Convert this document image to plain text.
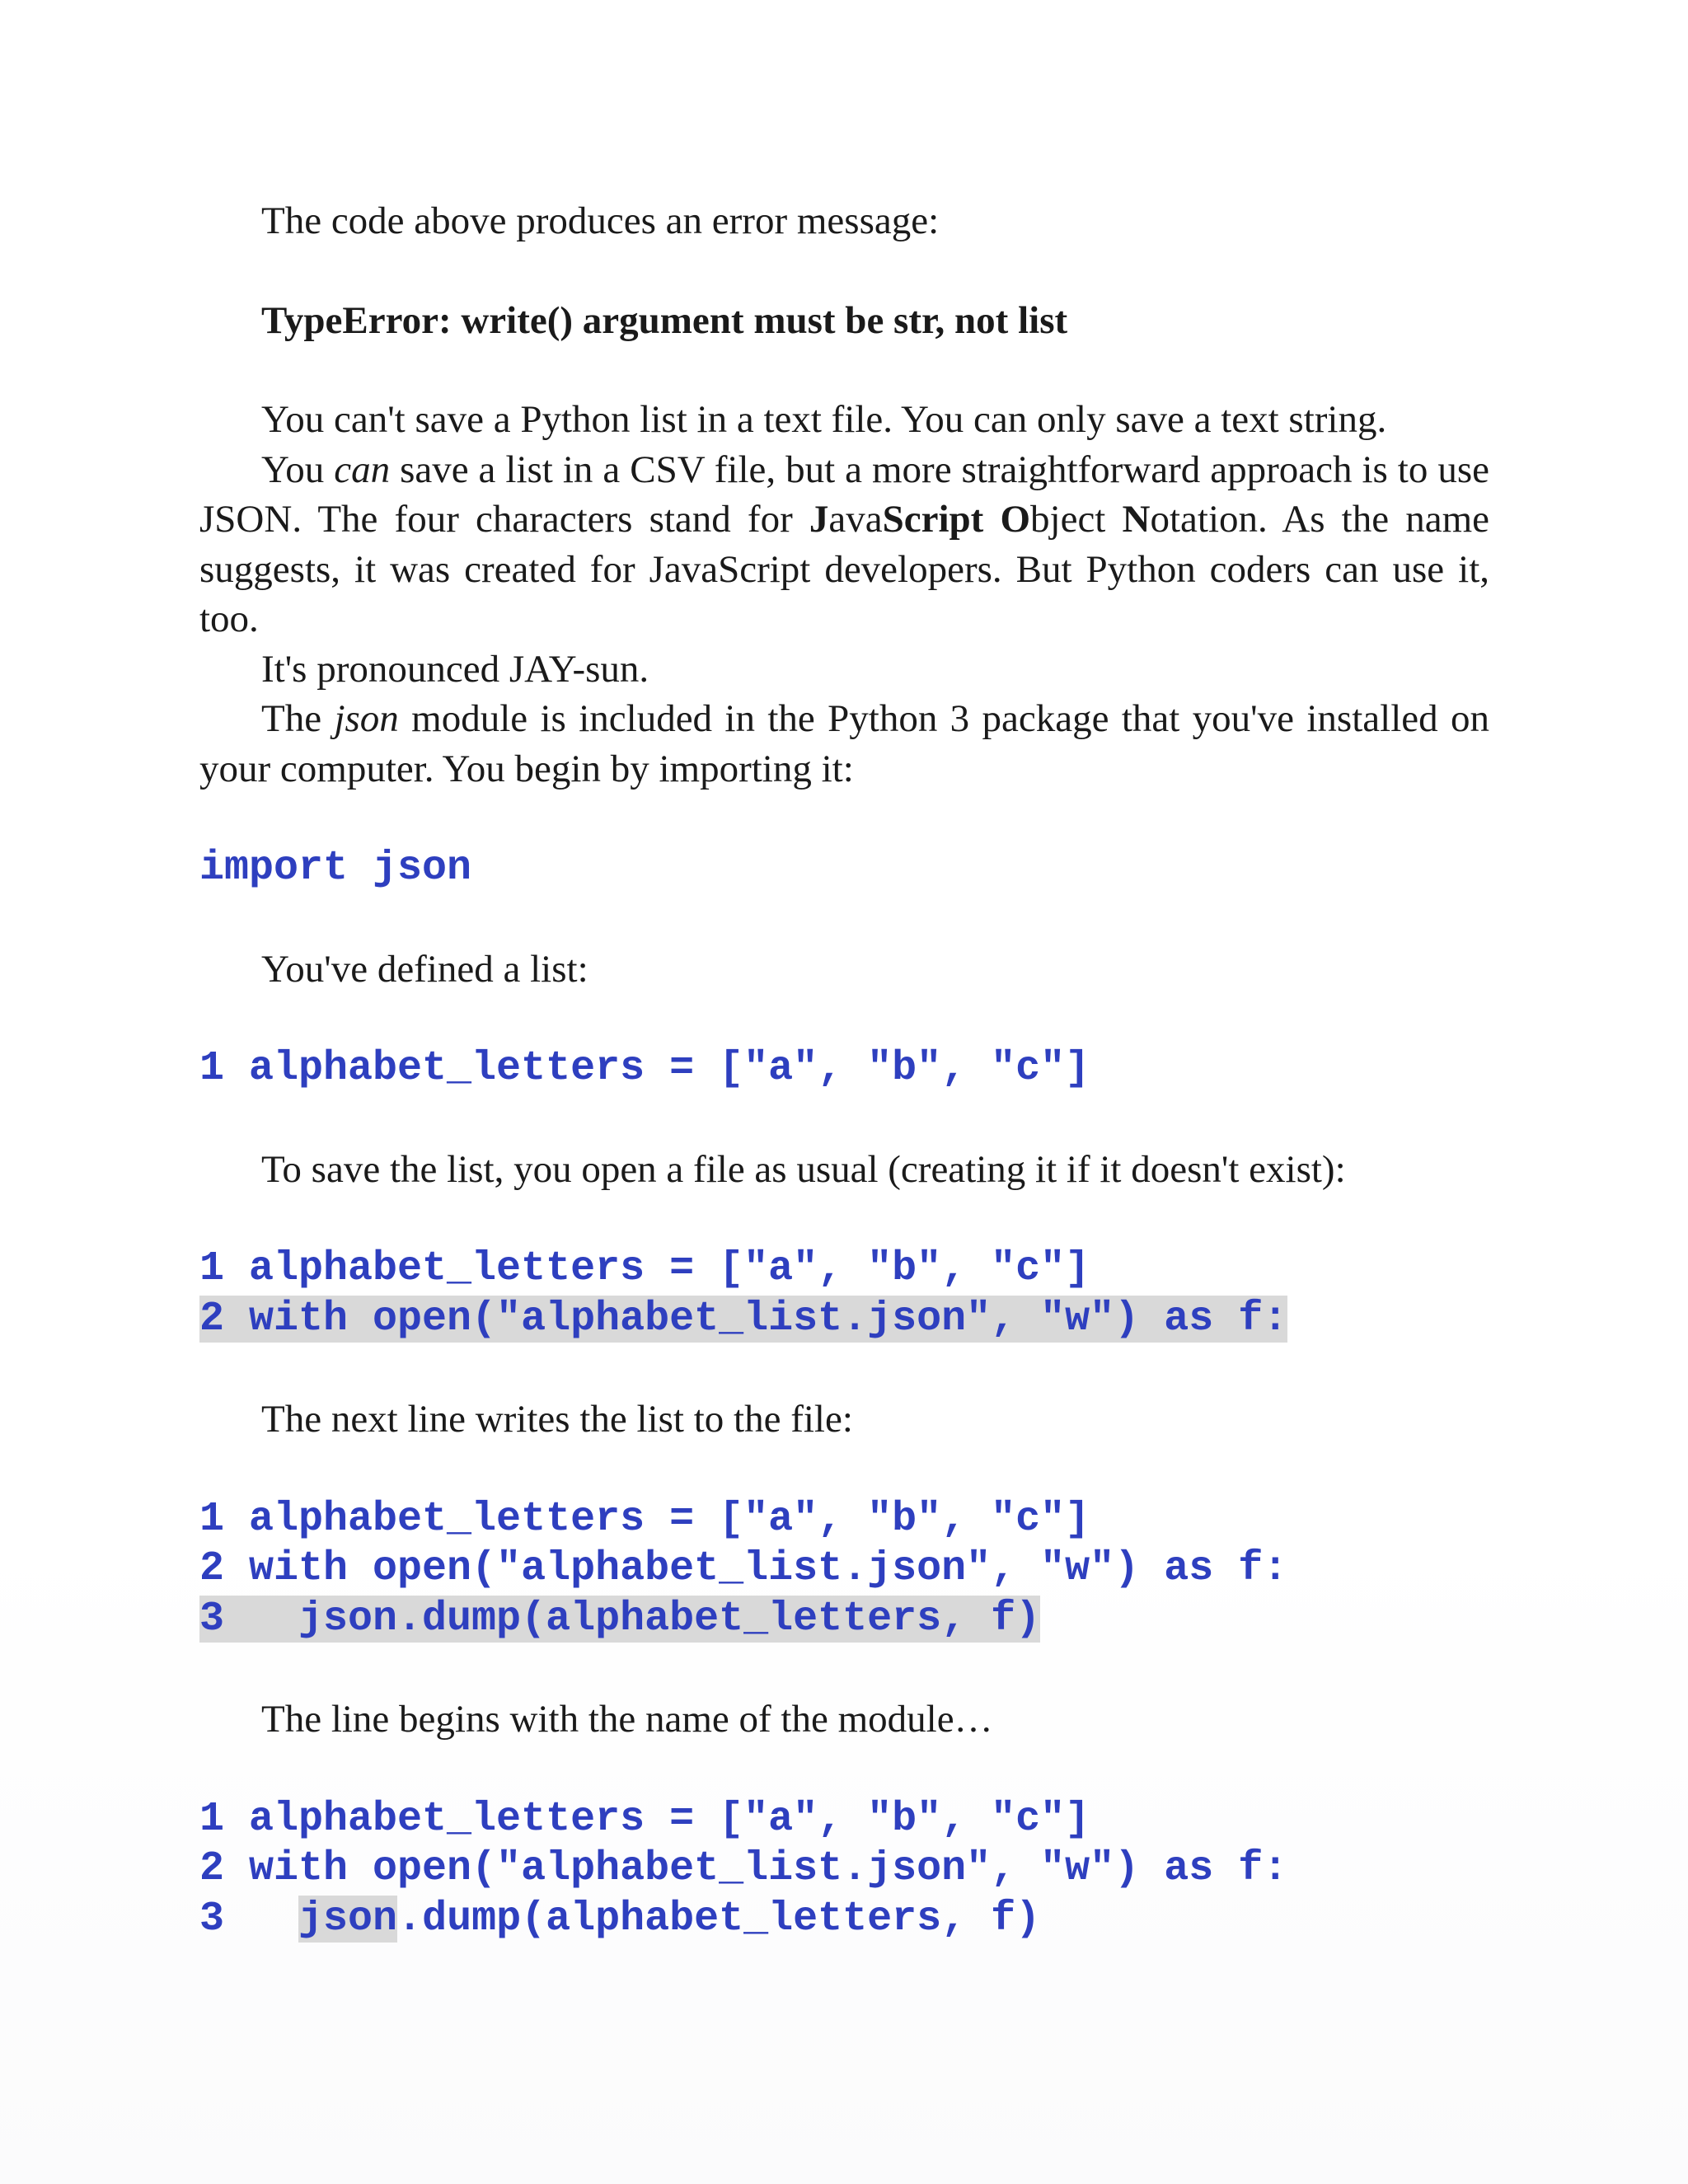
The code above produces an error message:

TypeError: write() argument must be str, not list

You can't save a Python list in a text file. You can only save a text string.

You can save a list in a CSV file, but a more straightforward approach is to use JSON. The four characters stand for JavaScript Object Notation. As the name suggests, it was created for JavaScript developers. But Python coders can use it, too.

It's pronounced JAY-sun.

The json module is included in the Python 3 package that you've installed on your computer. You begin by importing it:

import json

You've defined a list:

1 alphabet_letters = ["a", "b", "c"]

To save the list, you open a file as usual (creating it if it doesn't exist):

1 alphabet_letters = ["a", "b", "c"]
2 with open("alphabet_list.json", "w") as f:

The next line writes the list to the file:

1 alphabet_letters = ["a", "b", "c"]
2 with open("alphabet_list.json", "w") as f:
3   json.dump(alphabet_letters, f)

The line begins with the name of the module…

1 alphabet_letters = ["a", "b", "c"]
2 with open("alphabet_list.json", "w") as f:
3   json.dump(alphabet_letters, f)
